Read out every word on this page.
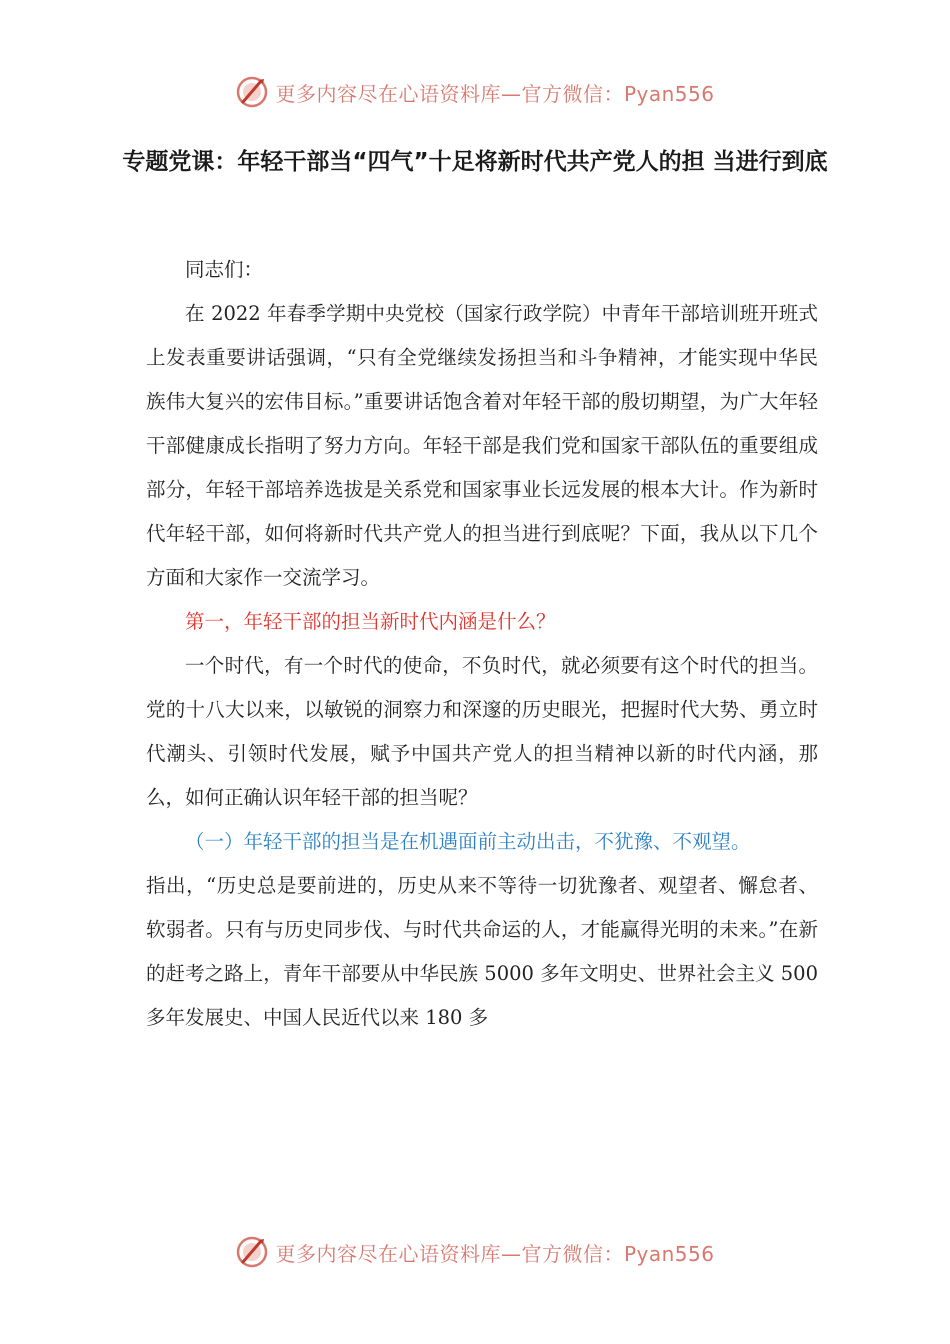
更多内容尽在心语资料库—官方微信：Pyan556
专题党课：年轻干部当“四气”十足将新时代共产党人的担 当进行到底

同志们：

在 2022 年春季学期中央党校（国家行政学院）中青年干部培训班开班式上发表重要讲话强调，“只有全党继续发扬担当和斗争精神，才能实现中华民族伟大复兴的宏伟目标。”重要讲话饱含着对年轻干部的殷切期望，为广大年轻干部健康成长指明了努力方向。年轻干部是我们党和国家干部队伍的重要组成部分，年轻干部培养选拔是关系党和国家事业长远发展的根本大计。作为新时代年轻干部，如何将新时代共产党人的担当进行到底呢？下面，我从以下几个方面和大家作一交流学习。

第一，年轻干部的担当新时代内涵是什么？

一个时代，有一个时代的使命，不负时代，就必须要有这个时代的担当。党的十八大以来，以敏锐的洞察力和深邃的历史眼光，把握时代大势、勇立时代潮头、引领时代发展，赋予中国共产党人的担当精神以新的时代内涵，那么，如何正确认识年轻干部的担当呢？

（一）年轻干部的担当是在机遇面前主动出击，不犹豫、不观望。

指出，“历史总是要前进的，历史从来不等待一切犹豫者、观望者、懈怠者、软弱者。只有与历史同步伐、与时代共命运的人，才能赢得光明的未来。”在新的赶考之路上，青年干部要从中华民族 5000 多年文明史、世界社会主义 500 多年发展史、中国人民近代以来 180 多

更多内容尽在心语资料库—官方微信：Pyan556
